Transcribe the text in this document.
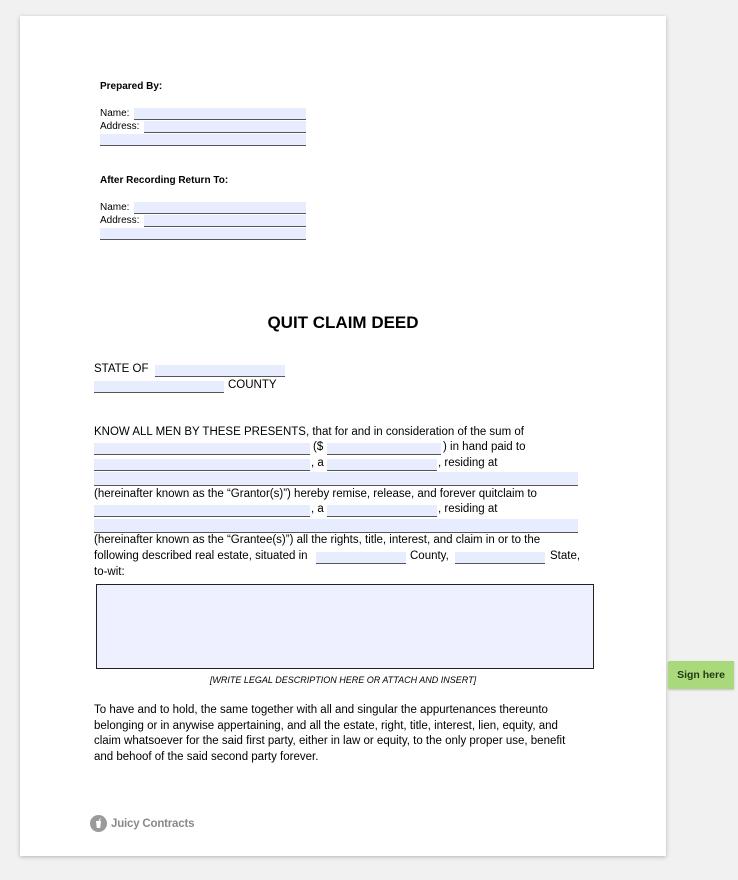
Prepared By:
Name:
Address:
After Recording Return To:
Name:
Address:
QUIT CLAIM DEED
STATE OF
COUNTY
KNOW ALL MEN BY THESE PRESENTS, that for and in consideration of the sum of
($	) in hand paid to
, a	, residing at
(hereinafter known as the “Grantor(s)”) hereby remise, release, and forever quitclaim to
, a	, residing at
(hereinafter known as the “Grantee(s)”) all the rights, title, interest, and claim in or to the
following described real estate, situated in	County,	State,
to-wit:
[WRITE LEGAL DESCRIPTION HERE OR ATTACH AND INSERT]
To have and to hold, the same together with all and singular the appurtenances thereunto
belonging or in anywise appertaining, and all the estate, right, title, interest, lien, equity, and
claim whatsoever for the said first party, either in law or equity, to the only proper use, benefit
and behoof of the said second party forever.
Juicy Contracts
Sign here
